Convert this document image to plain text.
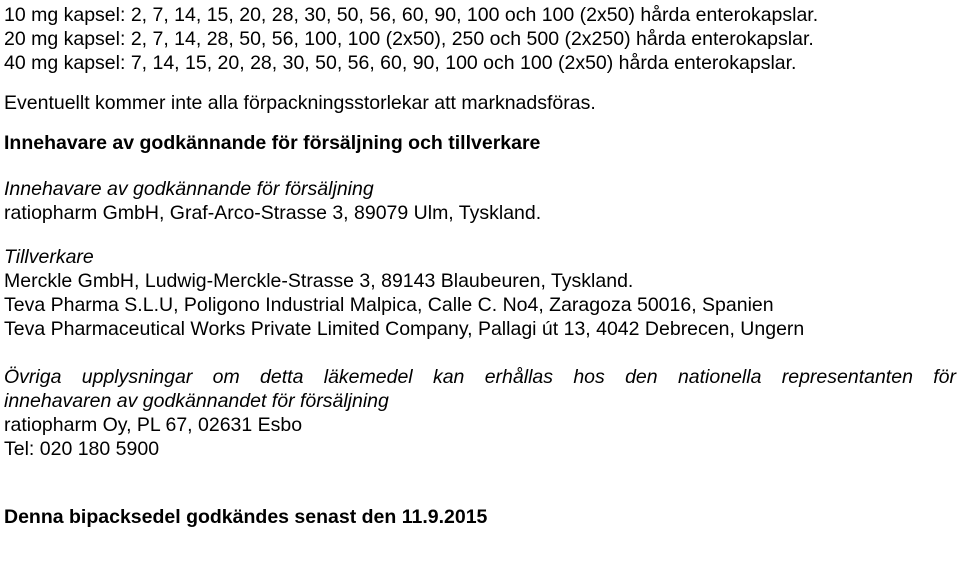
10 mg kapsel: 2, 7, 14, 15, 20, 28, 30, 50, 56, 60, 90, 100 och 100 (2x50) hårda enterokapslar.
20 mg kapsel: 2, 7, 14, 28, 50, 56, 100, 100 (2x50), 250 och 500 (2x250) hårda enterokapslar.
40 mg kapsel: 7, 14, 15, 20, 28, 30, 50, 56, 60, 90, 100 och 100 (2x50) hårda enterokapslar.
Eventuellt kommer inte alla förpackningsstorlekar att marknadsföras.
Innehavare av godkännande för försäljning och tillverkare
Innehavare av godkännande för försäljning
ratiopharm GmbH, Graf-Arco-Strasse 3, 89079 Ulm, Tyskland.
Tillverkare
Merckle GmbH, Ludwig-Merckle-Strasse 3, 89143 Blaubeuren, Tyskland.
Teva Pharma S.L.U, Poligono Industrial Malpica, Calle C. No4, Zaragoza 50016, Spanien
Teva Pharmaceutical Works Private Limited Company, Pallagi út 13, 4042 Debrecen, Ungern
Övriga upplysningar om detta läkemedel kan erhållas hos den nationella representanten för
innehavaren av godkännandet för försäljning
ratiopharm Oy, PL 67, 02631 Esbo
Tel: 020 180 5900
Denna bipacksedel godkändes senast den 11.9.2015
